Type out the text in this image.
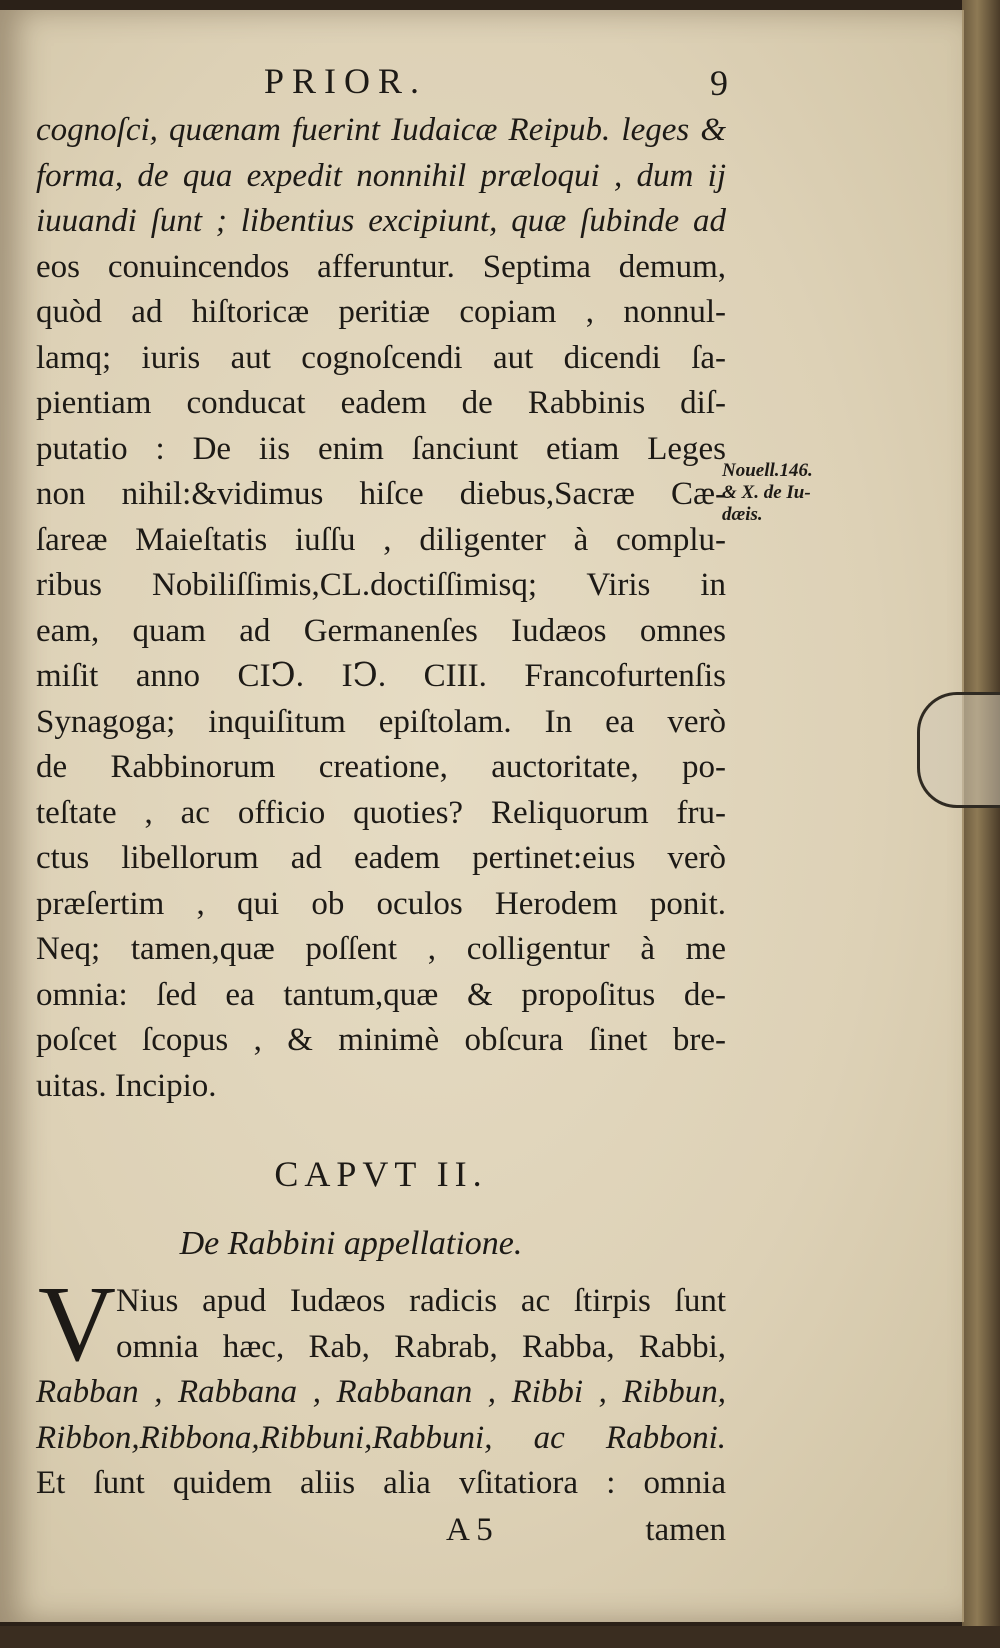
PRIOR.	9
cognoſci, quænam fuerint Iudaicæ Reipub. leges &
forma, de qua expedit nonnihil præloqui , dum ij
iuuandi ſunt ; libentius excipiunt, quæ ſubinde ad
eos conuincendos afferuntur. Septima demum,
quòd ad hiſtoricæ peritiæ copiam , nonnul-
lamq; iuris aut cognoſcendi aut dicendi ſa-
pientiam conducat eadem de Rabbinis diſ-
putatio : De iis enim ſanciunt etiam Leges
non nihil:&vidimus hiſce diebus,Sacræ Cæ-
ſareæ Maieſtatis iuſſu , diligenter à complu-
ribus Nobiliſſimis,CL.doctiſſimisq; Viris in
eam, quam ad Germanenſes Iudæos omnes
miſit anno CIↃ. IↃ. CIII. Francofurtenſis
Synagoga; inquiſitum epiſtolam. In ea verò
de Rabbinorum creatione, auctoritate, po-
teſtate , ac officio quoties? Reliquorum fru-
ctus libellorum ad eadem pertinet:eius verò
præſertim , qui ob oculos Herodem ponit.
Neq; tamen,quæ poſſent , colligentur à me
omnia: ſed ea tantum,quæ & propoſitus de-
poſcet ſcopus , & minimè obſcura ſinet bre-
uitas. Incipio.
CAPVT II.
De Rabbini appellatione.
V Nius apud Iudæos radicis ac ſtirpis ſunt
omnia hæc, Rab, Rabrab, Rabba, Rabbi,
Rabban , Rabbana , Rabbanan , Ribbi , Ribbun,
Ribbon,Ribbona,Ribbuni,Rabbuni, ac Rabboni.
Et ſunt quidem aliis alia vſitatiora : omnia
A 5	tamen
Nouell.146.
& X. de Iu-
dæis.
